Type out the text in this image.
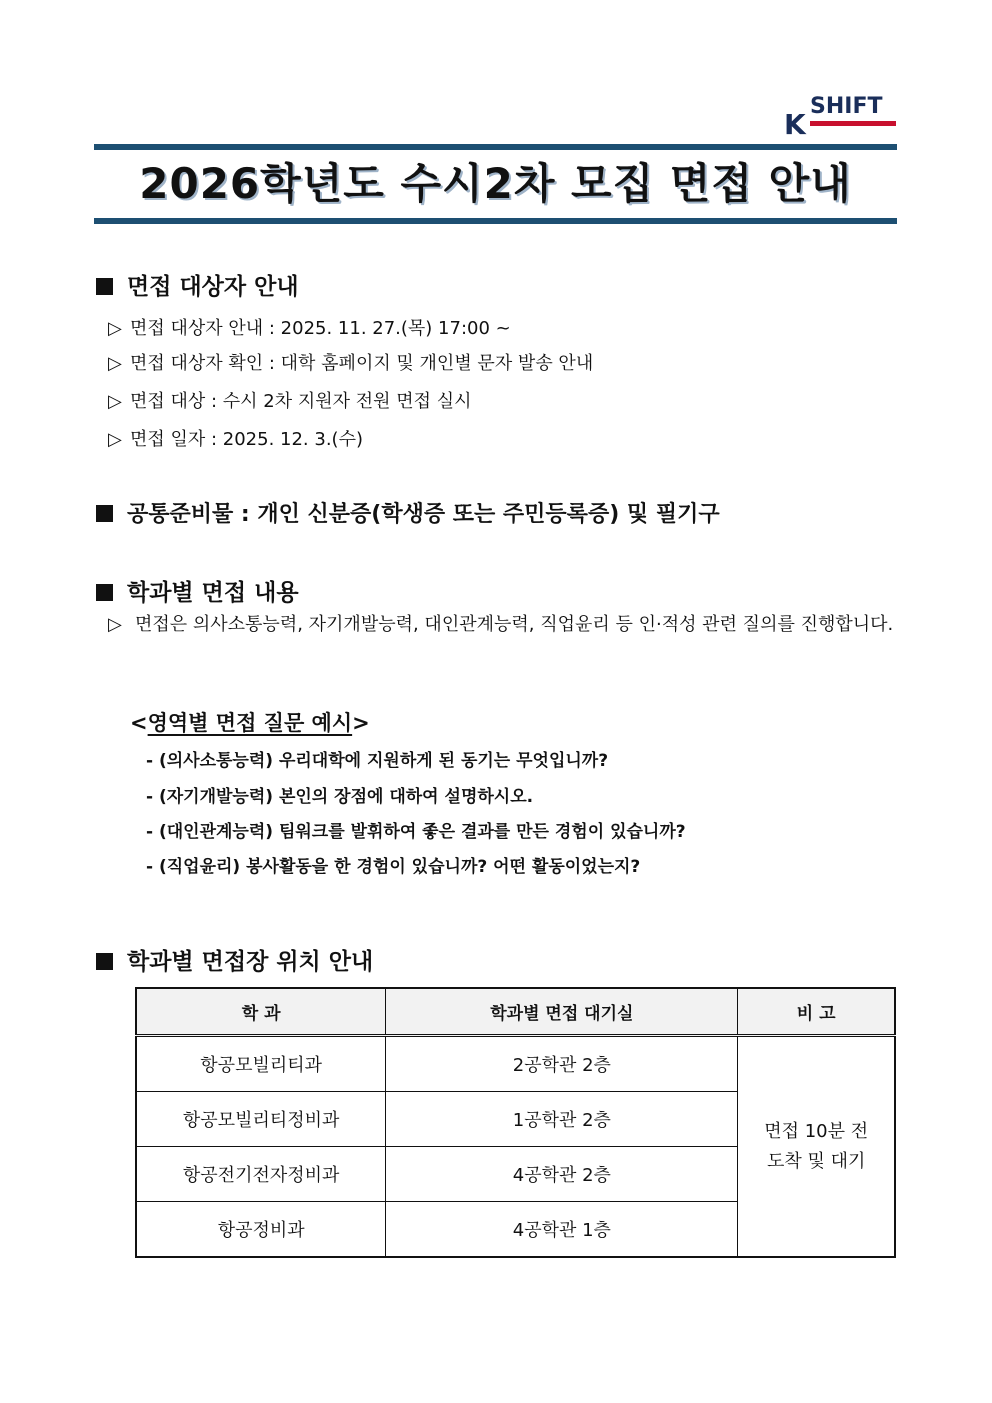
K
SHIFT
2026학년도 수시2차 모집 면접 안내
면접 대상자 안내
▷ 면접 대상자 안내 : 2025. 11. 27.(목) 17:00 ~
▷ 면접 대상자 확인 : 대학 홈페이지 및 개인별 문자 발송 안내
▷ 면접 대상 : 수시 2차 지원자 전원 면접 실시
▷ 면접 일자 : 2025. 12. 3.(수)
공통준비물 : 개인 신분증(학생증 또는 주민등록증) 및 필기구
학과별 면접 내용
▷ 면접은 의사소통능력, 자기개발능력, 대인관계능력, 직업윤리 등 인·적성 관련 질의를 진행합니다.
<영역별 면접 질문 예시>
- (의사소통능력) 우리대학에 지원하게 된 동기는 무엇입니까?
- (자기개발능력) 본인의 장점에 대하여 설명하시오.
- (대인관계능력) 팀워크를 발휘하여 좋은 결과를 만든 경험이 있습니까?
- (직업윤리) 봉사활동을 한 경험이 있습니까? 어떤 활동이었는지?
학과별 면접장 위치 안내
학 과	학과별 면접 대기실	비 고
항공모빌리티과	2공학관 2층	면접 10분 전
도착 및 대기
항공모빌리티정비과	1공학관 2층	
항공전기전자정비과	4공학관 2층	
항공정비과	4공학관 1층	
